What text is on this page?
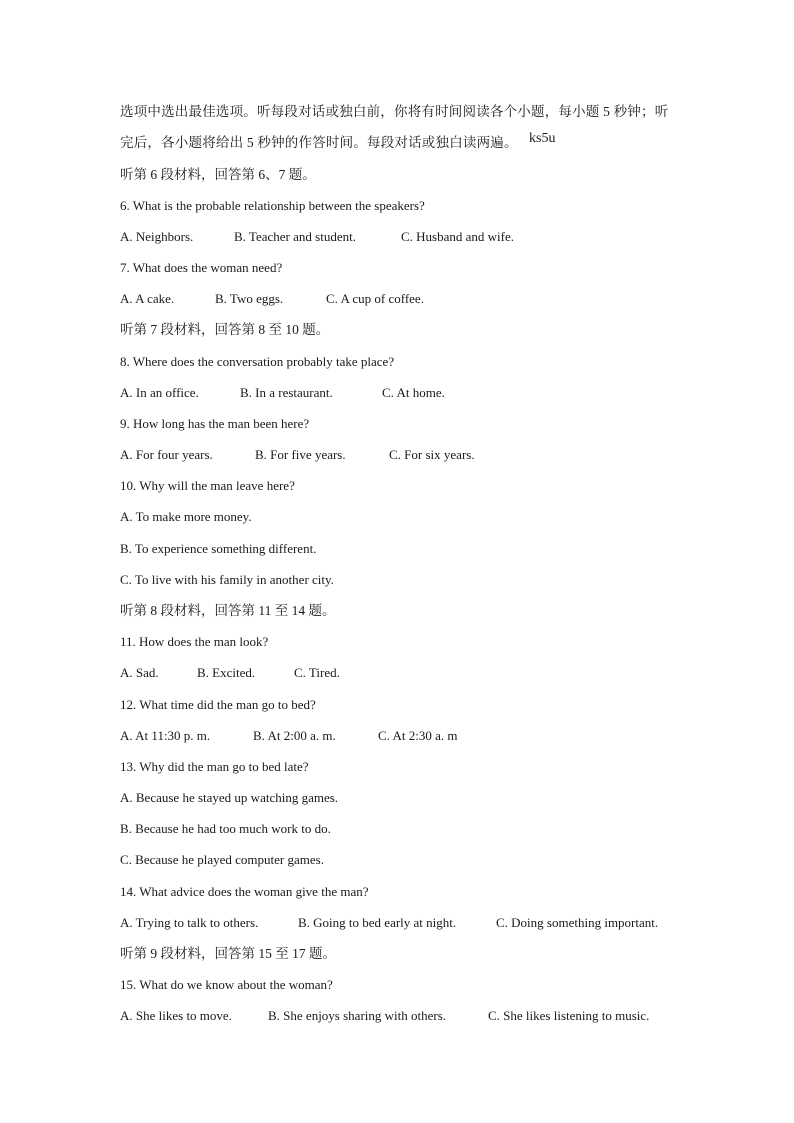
选项中选出最佳选项。听每段对话或独白前，你将有时间阅读各个小题，每小题 5 秒钟；听
完后，各小题将给出 5 秒钟的作答时间。每段对话或独白读两遍。 ks5u
听第 6 段材料，回答第 6、7 题。
6. What is the probable relationship between the speakers?
A. Neighbors.	B. Teacher and student.	C. Husband and wife.
7. What does the woman need?
A. A cake.	B. Two eggs.	C. A cup of coffee.
听第 7 段材料，回答第 8 至 10 题。
8. Where does the conversation probably take place?
A. In an office.	B. In a restaurant.	C. At home.
9. How long has the man been here?
A. For four years.	B. For five years.	C. For six years.
10. Why will the man leave here?
A. To make more money.
B. To experience something different.
C. To live with his family in another city.
听第 8 段材料，回答第 11 至 14 题。
11. How does the man look?
A. Sad.	B. Excited.	C. Tired.
12. What time did the man go to bed?
A. At 11:30 p. m.	B. At 2:00 a. m.	C. At 2:30 a. m
13. Why did the man go to bed late?
A. Because he stayed up watching games.
B. Because he had too much work to do.
C. Because he played computer games.
14. What advice does the woman give the man?
A. Trying to talk to others.	B. Going to bed early at night.	C. Doing something important.
听第 9 段材料，回答第 15 至 17 题。
15. What do we know about the woman?
A. She likes to move.	B. She enjoys sharing with others.	C. She likes listening to music.
